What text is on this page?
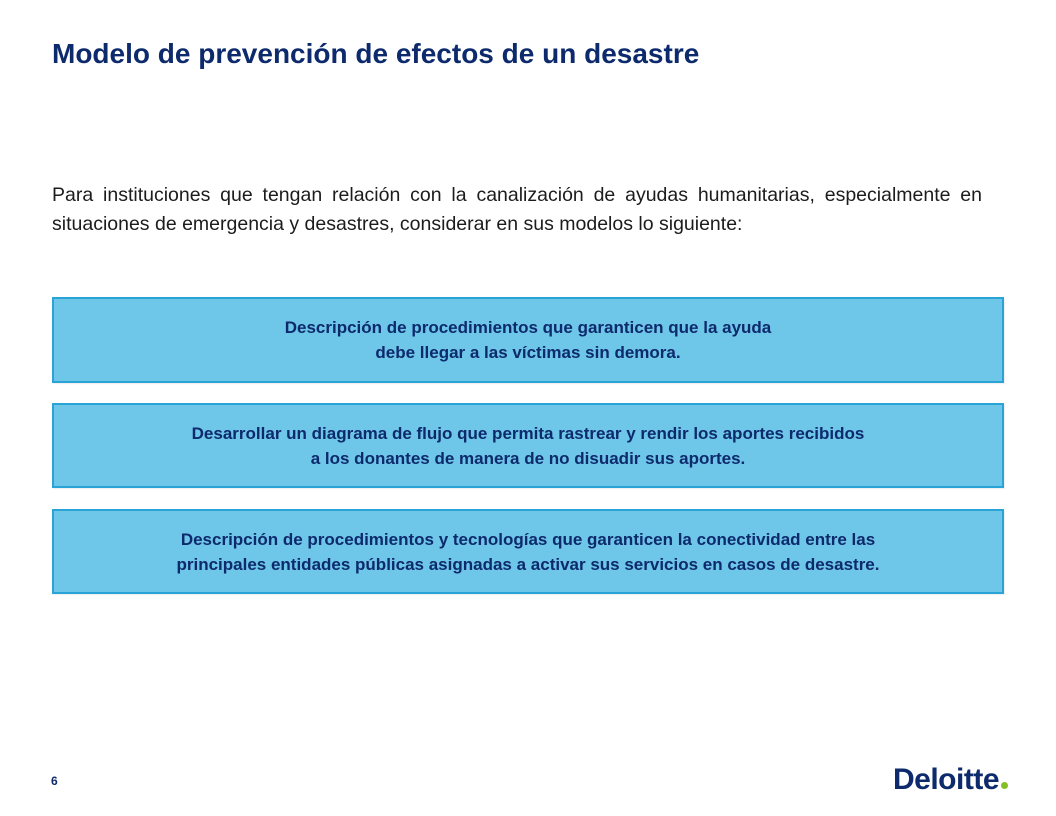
Modelo de prevención de efectos de un desastre

Para instituciones que tengan relación con la canalización de ayudas humanitarias, especialmente en situaciones de emergencia y desastres, considerar en sus modelos lo siguiente:

Descripción de procedimientos que garanticen que la ayuda
debe llegar a las víctimas sin demora.
Desarrollar un diagrama de flujo que permita rastrear y rendir los aportes recibidos
a los donantes de manera de no disuadir sus aportes.
Descripción de procedimientos y tecnologías que garanticen la conectividad entre las
principales entidades públicas asignadas a activar sus servicios en casos de desastre.
6	Deloitte
